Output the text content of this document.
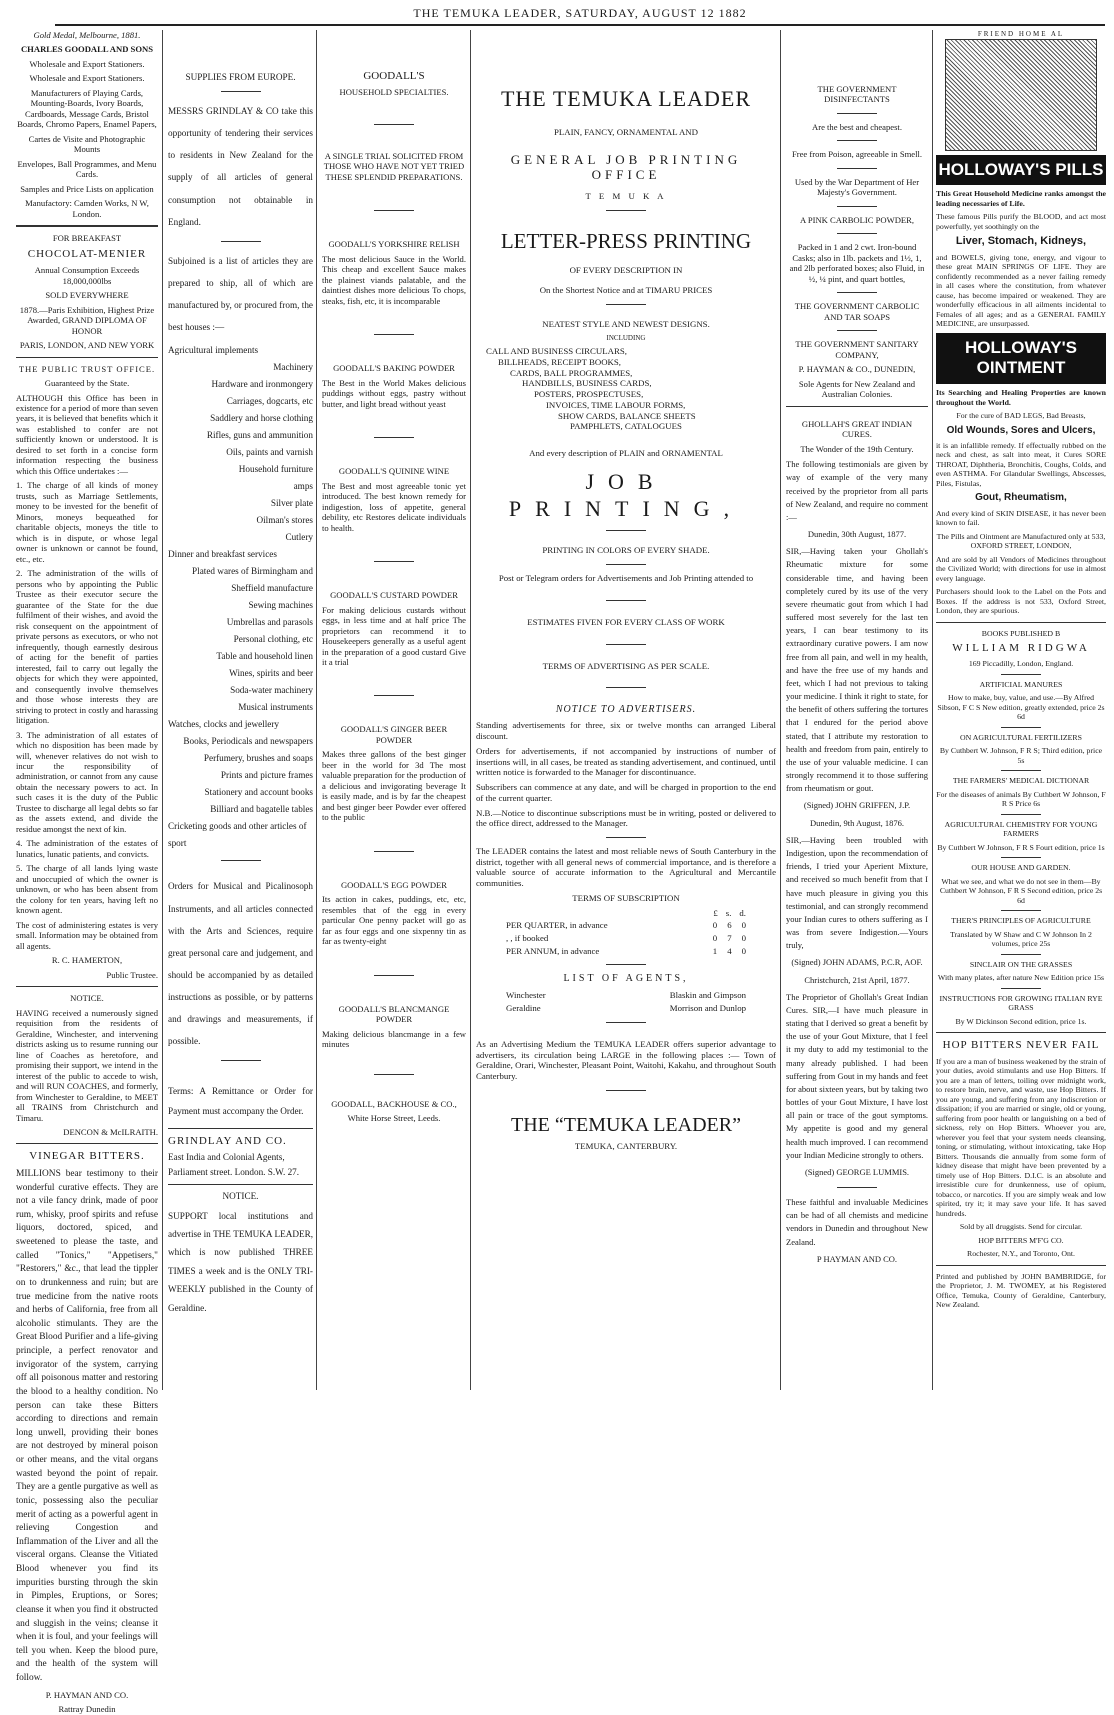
THE TEMUKA LEADER, SATURDAY, AUGUST 12 1882

Gold Medal, Melbourne, 1881.

CHARLES GOODALL AND SONS

Wholesale and Export Stationers.

Wholesale and Export Stationers.

Manufacturers of Playing Cards, Mounting-Boards, Ivory Boards, Cardboards, Message Cards, Bristol Boards, Chromo Papers, Enamel Papers,

Cartes de Visite and Photographic Mounts

Envelopes, Ball Programmes, and Menu Cards.

Samples and Price Lists on application

Manufactory: Camden Works, N W, London.

FOR BREAKFAST

CHOCOLAT-MENIER

Annual Consumption Exceeds 18,000,000lbs

SOLD EVERYWHERE

1878.—Paris Exhibition, Highest Prize Awarded, GRAND DIPLOMA OF HONOR

PARIS, LONDON, AND NEW YORK

THE PUBLIC TRUST OFFICE.

Guaranteed by the State.

ALTHOUGH this Office has been in existence for a period of more than seven years, it is believed that benefits which it was established to confer are not sufficiently known or understood. It is desired to set forth in a concise form information respecting the business which this Office undertakes :—

1. The charge of all kinds of money trusts, such as Marriage Settlements, money to be invested for the benefit of Minors, moneys bequeathed for charitable objects, moneys the title to which is in dispute, or whose legal owner is unknown or cannot be found, etc., etc.

2. The administration of the wills of persons who by appointing the Public Trustee as their executor secure the guarantee of the State for the due fulfilment of their wishes, and avoid the risk consequent on the appointment of private persons as executors, or who not infrequently, though earnestly desirous of acting for the benefit of parties interested, fail to carry out legally the objects for which they were appointed, and consequently involve themselves and those whose interests they are striving to protect in costly and harassing litigation.

3. The administration of all estates of which no disposition has been made by will, whenever relatives do not wish to incur the responsibility of administration, or cannot from any cause obtain the necessary powers to act. In such cases it is the duty of the Public Trustee to discharge all legal debts so far as the assets extend, and divide the residue amongst the next of kin.

4. The administration of the estates of lunatics, lunatic patients, and convicts.

5. The charge of all lands lying waste and unoccupied of which the owner is unknown, or who has been absent from the colony for ten years, having left no known agent.

The cost of administering estates is very small. Information may be obtained from all agents.

R. C. HAMERTON,

Public Trustee.

NOTICE.

HAVING received a numerously signed requisition from the residents of Geraldine, Winchester, and intervening districts asking us to resume running our line of Coaches as heretofore, and promising their support, we intend in the interest of the public to accede to wish, and will RUN COACHES, and formerly, from Winchester to Geraldine, to MEET all TRAINS from Christchurch and Timaru.

DENCON & McILRAITH.

VINEGAR BITTERS.

MILLIONS bear testimony to their wonderful curative effects. They are not a vile fancy drink, made of poor rum, whisky, proof spirits and refuse liquors, doctored, spiced, and sweetened to please the taste, and called "Tonics," "Appetisers," "Restorers," &c., that lead the tippler on to drunkenness and ruin; but are true medicine from the native roots and herbs of California, free from all alcoholic stimulants. They are the Great Blood Purifier and a life-giving principle, a perfect renovator and invigorator of the system, carrying off all poisonous matter and restoring the blood to a healthy condition. No person can take these Bitters according to directions and remain long unwell, providing their bones are not destroyed by mineral poison or other means, and the vital organs wasted beyond the point of repair. They are a gentle purgative as well as tonic, possessing also the peculiar merit of acting as a powerful agent in relieving Congestion and Inflammation of the Liver and all the visceral organs. Cleanse the Vitiated Blood whenever you find its impurities bursting through the skin in Pimples, Eruptions, or Sores; cleanse it when you find it obstructed and sluggish in the veins; cleanse it when it is foul, and your feelings will tell you when. Keep the blood pure, and the health of the system will follow.

P. HAYMAN AND CO.

Rattray Dunedin

SUPPLIES FROM EUROPE.

MESSRS GRINDLAY & CO take this opportunity of tendering their services to residents in New Zealand for the supply of all articles of general consumption not obtainable in England.

Subjoined is a list of articles they are prepared to ship, all of which are manufactured by, or procured from, the best houses :—

Agricultural implements
Machinery
Hardware and ironmongery
Carriages, dogcarts, etc
Saddlery and horse clothing
Rifles, guns and ammunition
Oils, paints and varnish
Household furniture
amps
Silver plate
Oilman's stores
Cutlery
Dinner and breakfast services
Plated wares of Birmingham and Sheffield manufacture
Sewing machines
Umbrellas and parasols
Personal clothing, etc
Table and household linen
Wines, spirits and beer
Soda-water machinery
Musical instruments
Watches, clocks and jewellery
Books, Periodicals and newspapers
Perfumery, brushes and soaps
Prints and picture frames
Stationery and account books
Billiard and bagatelle tables
Cricketing goods and other articles of sport

Orders for Musical and Picalinosoph Instruments, and all articles connected with the Arts and Sciences, require great personal care and judgement, and should be accompanied by as detailed instructions as possible, or by patterns and drawings and measurements, if possible.

Terms: A Remittance or Order for Payment must accompany the Order.

GRINDLAY AND CO.

East India and Colonial Agents,

Parliament street. London. S.W. 27.

NOTICE.

SUPPORT local institutions and advertise in THE TEMUKA LEADER, which is now published THREE TIMES a week and is the ONLY TRI-WEEKLY published in the County of Geraldine.

GOODALL'S

HOUSEHOLD SPECIALTIES.

A SINGLE TRIAL SOLICITED FROM THOSE WHO HAVE NOT YET TRIED THESE SPLENDID PREPARATIONS.

GOODALL'S YORKSHIRE RELISH

The most delicious Sauce in the World. This cheap and excellent Sauce makes the plainest viands palatable, and the daintiest dishes more delicious To chops, steaks, fish, etc, it is incomparable

GOODALL'S BAKING POWDER

The Best in the World Makes delicious puddings without eggs, pastry without butter, and light bread without yeast

GOODALL'S QUININE WINE

The Best and most agreeable tonic yet introduced. The best known remedy for indigestion, loss of appetite, general debility, etc Restores delicate individuals to health.

GOODALL'S CUSTARD POWDER

For making delicious custards without eggs, in less time and at half price The proprietors can recommend it to Housekeepers generally as a useful agent in the preparation of a good custard Give it a trial

GOODALL'S GINGER BEER POWDER

Makes three gallons of the best ginger beer in the world for 3d The most valuable preparation for the production of a delicious and invigorating beverage It is easily made, and is by far the cheapest and best ginger beer Powder ever offered to the public

GOODALL'S EGG POWDER

Its action in cakes, puddings, etc, etc, resembles that of the egg in every particular One penny packet will go as far as four eggs and one sixpenny tin as far as twenty-eight

GOODALL'S BLANCMANGE POWDER

Making delicious blancmange in a few minutes

GOODALL, BACKHOUSE & CO.,

White Horse Street, Leeds.

THE TEMUKA LEADER

PLAIN, FANCY, ORNAMENTAL AND

GENERAL JOB PRINTING OFFICE

T E M U K A

LETTER-PRESS PRINTING

OF EVERY DESCRIPTION IN

On the Shortest Notice and at TIMARU PRICES

NEATEST STYLE AND NEWEST DESIGNS.

INCLUDING

CALL AND BUSINESS CIRCULARS,

BILLHEADS, RECEIPT BOOKS,

CARDS, BALL PROGRAMMES,

HANDBILLS, BUSINESS CARDS,

POSTERS, PROSPECTUSES,

INVOICES, TIME LABOUR FORMS,

SHOW CARDS, BALANCE SHEETS

PAMPHLETS, CATALOGUES

And every description of PLAIN and ORNAMENTAL

JOB PRINTING,

PRINTING IN COLORS OF EVERY SHADE.

Post or Telegram orders for Advertisements and Job Printing attended to

ESTIMATES FIVEN FOR EVERY CLASS OF WORK

TERMS OF ADVERTISING AS PER SCALE.

NOTICE TO ADVERTISERS.

Standing advertisements for three, six or twelve months can arranged Liberal discount.

Orders for advertisements, if not accompanied by instructions of number of insertions will, in all cases, be treated as standing advertisement, and continued, until written notice is forwarded to the Manager for discontinuance.

Subscribers can commence at any date, and will be charged in proportion to the end of the current quarter.

N.B.—Notice to discontinue subscriptions must be in writing, posted or delivered to the office direct, addressed to the Manager.

The LEADER contains the latest and most reliable news of South Canterbury in the district, together with all general news of commercial importance, and is therefore a valuable source of accurate information to the Agricultural and Mercantile communities.

TERMS OF SUBSCRIPTION

£ s. d.
PER QUARTER, in advance	0 6 0
, , if booked	0 7 0
PER ANNUM, in advance	1 4 0

LIST OF AGENTS,

Winchester	Blaskin and Gimpson
Geraldine	Morrison and Dunlop

As an Advertising Medium the TEMUKA LEADER offers superior advantage to advertisers, its circulation being LARGE in the following places :— Town of Geraldine, Orari, Winchester, Pleasant Point, Waitohi, Kakahu, and throughout South Canterbury.

THE “TEMUKA LEADER”

TEMUKA, CANTERBURY.

THE GOVERNMENT DISINFECTANTS

Are the best and cheapest.

Free from Poison, agreeable in Smell.

Used by the War Department of Her Majesty's Government.

A PINK CARBOLIC POWDER,

Packed in 1 and 2 cwt. Iron-bound Casks; also in 1lb. packets and 1½, 1, and 2lb perforated boxes; also Fluid, in ½, ¼ pint, and quart bottles,

THE GOVERNMENT CARBOLIC AND TAR SOAPS

THE GOVERNMENT SANITARY COMPANY,

P. HAYMAN & CO., DUNEDIN,

Sole Agents for New Zealand and Australian Colonies.

GHOLLAH'S GREAT INDIAN CURES.

The Wonder of the 19th Century.

The following testimonials are given by way of example of the very many received by the proprietor from all parts of New Zealand, and require no comment :—

Dunedin, 30th August, 1877.

SIR,—Having taken your Ghollah's Rheumatic mixture for some considerable time, and having been completely cured by its use of the very severe rheumatic gout from which I had suffered most severely for the last ten years, I can bear testimony to its extraordinary curative powers. I am now free from all pain, and well in my health, and have the free use of my hands and feet, which I had not previous to taking your medicine. I think it right to state, for the benefit of others suffering the tortures that I endured for the period above stated, that I attribute my restoration to health and freedom from pain, entirely to the use of your valuable medicine. I can strongly recommend it to those suffering from rheumatism or gout.

(Signed) JOHN GRIFFEN, J.P.

Dunedin, 9th August, 1876.

SIR,—Having been troubled with Indigestion, upon the recommendation of friends, I tried your Aperient Mixture, and received so much benefit from that I have much pleasure in giving you this testimonial, and can strongly recommend your Indian cures to others suffering as I was from severe Indigestion.—Yours truly,

(Signed) JOHN ADAMS, P.C.R, AOF.

Christchurch, 21st April, 1877.

The Proprietor of Ghollah's Great Indian Cures. SIR,—I have much pleasure in stating that I derived so great a benefit by the use of your Gout Mixture, that I feel it my duty to add my testimonial to the many already published. I had been suffering from Gout in my hands and feet for about sixteen years, but by taking two bottles of your Gout Mixture, I have lost all pain or trace of the gout symptoms. My appetite is good and my general health much improved. I can recommend your Indian Medicine strongly to others.

(Signed) GEORGE LUMMIS.

These faithful and invaluable Medicines can be had of all chemists and medicine vendors in Dunedin and throughout New Zealand.

P HAYMAN AND CO.

FRIEND HOME AL
HOLLOWAY'S PILLS

This Great Household Medicine ranks amongst the leading necessaries of Life.

These famous Pills purify the BLOOD, and act most powerfully, yet soothingly on the

Liver, Stomach, Kidneys,

and BOWELS, giving tone, energy, and vigour to these great MAIN SPRINGS OF LIFE. They are confidently recommended as a never failing remedy in all cases where the constitution, from whatever cause, has become impaired or weakened. They are wonderfully efficacious in all ailments incidental to Females of all ages; and as a GENERAL FAMILY MEDICINE, are unsurpassed.

HOLLOWAY'S OINTMENT

Its Searching and Healing Properties are known throughout the World.

For the cure of BAD LEGS, Bad Breasts,

Old Wounds, Sores and Ulcers,

it is an infallible remedy. If effectually rubbed on the neck and chest, as salt into meat, it Cures SORE THROAT, Diphtheria, Bronchitis, Coughs, Colds, and even ASTHMA. For Glandular Swellings, Abscesses, Piles, Fistulas,

Gout, Rheumatism,

And every kind of SKIN DISEASE, it has never been known to fail.

The Pills and Ointment are Manufactured only at 533, OXFORD STREET, LONDON,

And are sold by all Vendors of Medicines throughout the Civilized World; with directions for use in almost every language.

Purchasers should look to the Label on the Pots and Boxes. If the address is not 533, Oxford Street, London, they are spurious.

BOOKS PUBLISHED B

WILLIAM RIDGWA

169 Piccadilly, London, England.

ARTIFICIAL MANURES

How to make, buy, value, and use.—By Alfred Sibson, F C S New edition, greatly extended, price 2s 6d

ON AGRICULTURAL FERTILIZERS

By Cuthbert W. Johnson, F R S; Third edition, price 5s

THE FARMERS' MEDICAL DICTIONAR

For the diseases of animals By Cuthbert W Johnson, F R S Price 6s

AGRICULTURAL CHEMISTRY FOR YOUNG FARMERS

By Cuthbert W Johnson, F R S Fourt edition, price 1s

OUR HOUSE AND GARDEN.

What we see, and what we do not see in them—By Cuthbert W Johnson, F R S Second edition, price 2s 6d

THER'S PRINCIPLES OF AGRICULTURE

Translated by W Shaw and C W Johnson In 2 volumes, price 25s

SINCLAIR ON THE GRASSES

With many plates, after nature New Edition price 15s

INSTRUCTIONS FOR GROWING ITALIAN RYE GRASS

By W Dickinson Second edition, price 1s.

HOP BITTERS NEVER FAIL

If you are a man of business weakened by the strain of your duties, avoid stimulants and use Hop Bitters. If you are a man of letters, toiling over midnight work, to restore brain, nerve, and waste, use Hop Bitters. If you are young, and suffering from any indiscretion or dissipation; if you are married or single, old or young, suffering from poor health or languishing on a bed of sickness, rely on Hop Bitters. Whoever you are, wherever you feel that your system needs cleansing, toning, or stimulating, without intoxicating, take Hop Bitters. Thousands die annually from some form of kidney disease that might have been prevented by a timely use of Hop Bitters. D.I.C. is an absolute and irresistible cure for drunkenness, use of opium, tobacco, or narcotics. If you are simply weak and low spirited, try it; it may save your life. It has saved hundreds.

Sold by all druggists. Send for circular.

HOP BITTERS M'F'G CO.

Rochester, N.Y., and Toronto, Ont.

Printed and published by JOHN BAMBRIDGE, for the Proprietor, J. M. TWOMEY, at his Registered Office, Temuka, County of Geraldine, Canterbury, New Zealand.
